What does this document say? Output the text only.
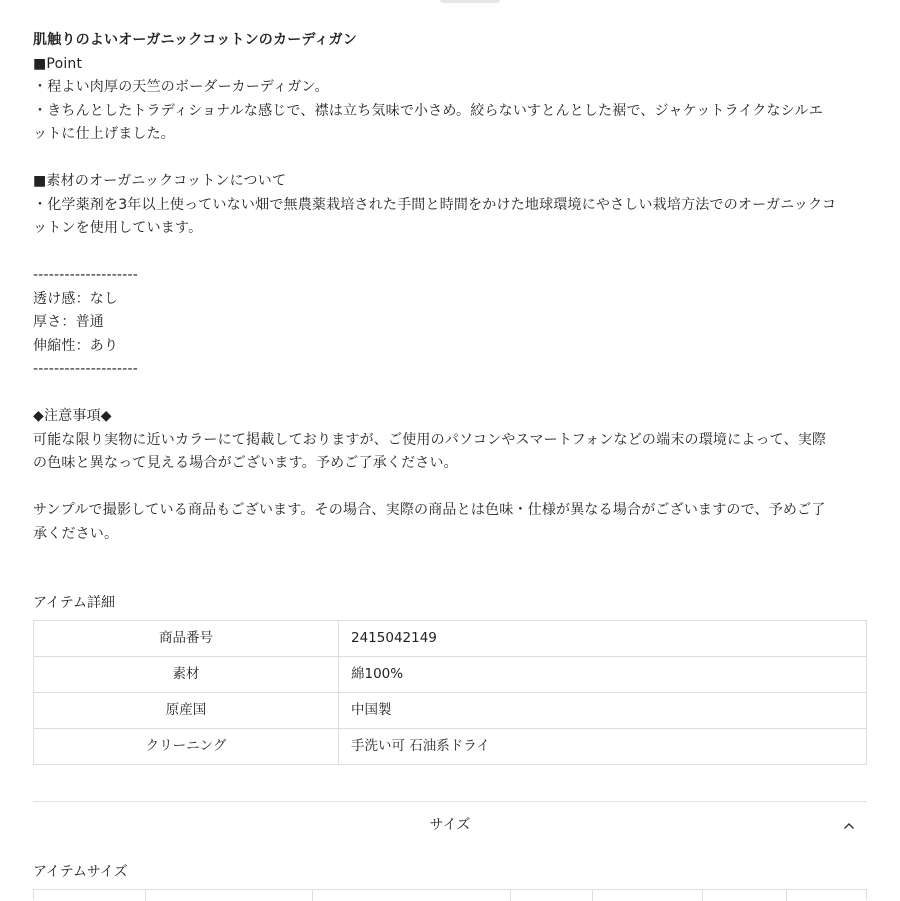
肌触りのよいオーガニックコットンのカーディガン
■Point
・程よい肉厚の天竺のボーダーカーディガン。
・きちんとしたトラディショナルな感じで、襟は立ち気味で小さめ。絞らないすとんとした裾で、ジャケットライクなシルエ
ットに仕上げました。
■素材のオーガニックコットンについて
・化学薬剤を3年以上使っていない畑で無農薬栽培された手間と時間をかけた地球環境にやさしい栽培方法でのオーガニックコ
ットンを使用しています。
--------------------
透け感：なし
厚さ：普通
伸縮性：あり
--------------------
◆注意事項◆
可能な限り実物に近いカラーにて掲載しておりますが、ご使用のパソコンやスマートフォンなどの端末の環境によって、実際
の色味と異なって見える場合がございます。予めご了承ください。
サンプルで撮影している商品もございます。その場合、実際の商品とは色味・仕様が異なる場合がございますので、予めご了
承ください。
アイテム詳細
商品番号	2415042149
素材	綿100%
原産国	中国製
クリーニング	手洗い可 石油系ドライ
サイズ
アイテムサイズ
